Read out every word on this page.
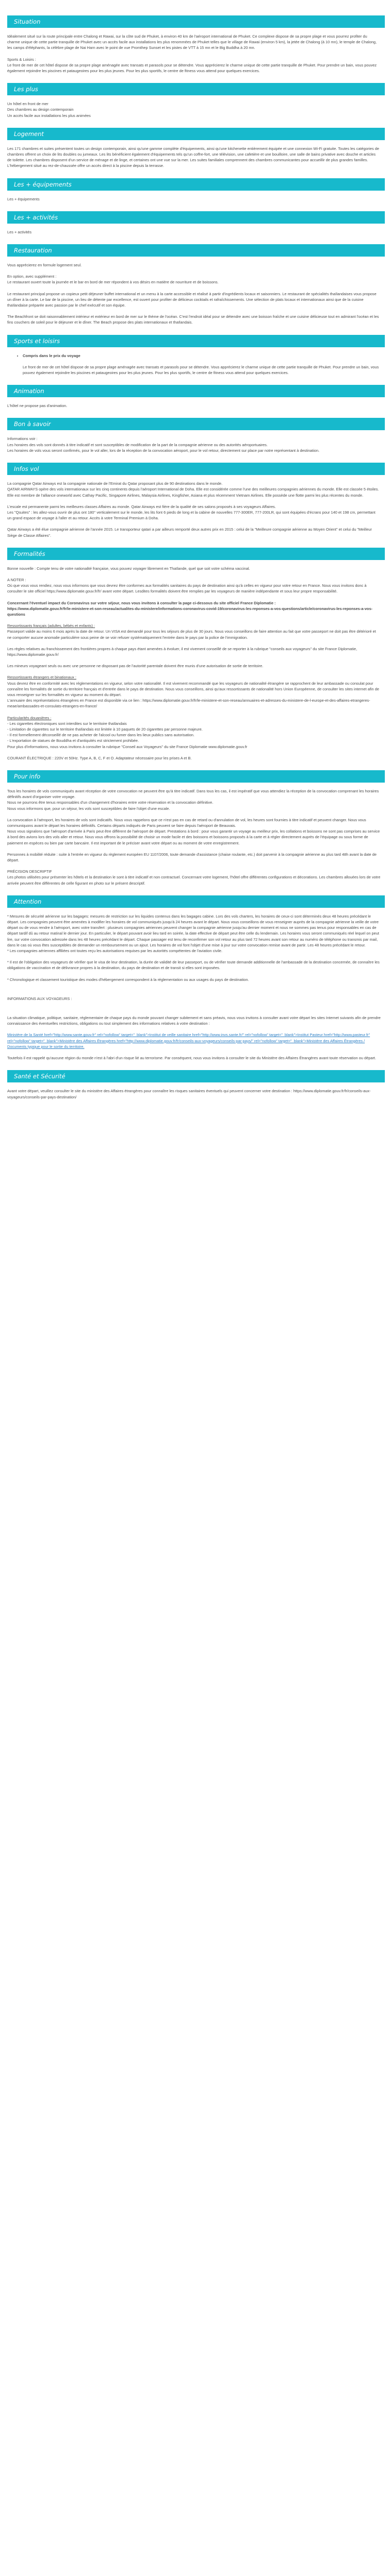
Situation

Idéalement situé sur la route principale entre Chalong et Rawai, sur la côte sud de Phuket, à environ 40 km de l'aéroport international de Phuket. Ce complexe dispose de sa propre plage et vous pourrez profiter du charme unique de cette partie tranquille de Phuket avec un accès facile aux installations les plus renommées de Phuket telles que le village de Rawai (environ 5 km), la jetée de Chalong (à 10 mn), le temple de Chalong, les camps d'éléphants, la célèbre plage de Nai Harn avec le point de vue Promthep Sunset et les pistes de VTT à 15 mn et le Big Buddha à 20 mn.

Sports & Loisirs :

Le front de mer de cet hôtel dispose de sa propre plage aménagée avec transats et parasols pour se détendre. Vous apprécierez le charme unique de cette partie tranquille de Phuket. Pour prendre un bain, vous pouvez également rejoindre les piscines et pataugeoires pour les plus jeunes. Pour les plus sportifs, le centre de fitness vous attend pour quelques exercices.

Les plus

Un hôtel en front de mer

Des chambres au design contemporain

Un accès facile aux installations les plus animées

Logement

Les 171 chambres et suites présentent toutes un design contemporain, ainsi qu'une gamme complète d'équipements, ainsi qu'une kitchenette entièrement équipée et une connexion Wi-Fi gratuite. Toutes les catégories de chambres offrent un choix de lits doubles ou jumeaux. Les lits bénéficient également d'équipements tels qu'un coffre-fort, une télévision, une cafetière et une bouilloire, une salle de bains privative avec douche et articles de toilette. Les chambres disposent d'un service de ménage et de linge, et certaines ont une vue sur la mer. Les suites familiales comprennent des chambres communicantes pour accueillir de plus grandes familles. L'hébergement situé au rez-de-chaussée offre un accès direct à la piscine depuis la terrasse.

Les + équipements

Les + équipements

Les + activités

Les + activités

Restauration

Vous apprécierez en formule logement seul.

En option, avec supplément :

Le restaurant ouvert toute la journée et le bar en bord de mer répondent à vos désirs en matière de nourriture et de boissons.

Le restaurant principal propose un copieux petit déjeuner buffet international et un menu à la carte accessible et réalisé à partir d'ingrédients locaux et saisonniers. Le restaurant de spécialités thaïlandaises vous propose un dîner à la carte. Le bar de la piscine, un lieu de détente par excellence, est ouvert pour profiter de délicieux cocktails et rafraîchissements. Une sélection de plats locaux et internationaux ainsi que de la cuisine thaïlandaise préparée avec passion par le chef exécutif et son équipe.

The Beachfront se doit raisonnablement intérieur et extérieur en bord de mer sur le thème de l'océan. C'est l'endroit idéal pour se détendre avec une boisson fraîche et une cuisine délicieuse tout en admirant l'océan et les fins couchers de soleil pour le déjeuner et le dîner. The Beach propose des plats internationaux et thaïlandais.

Sports et loisirs
• Compris dans le prix du voyage

Le front de mer de cet hôtel dispose de sa propre plage aménagée avec transats et parasols pour se détendre. Vous apprécierez le charme unique de cette partie tranquille de Phuket. Pour prendre un bain, vous pouvez également rejoindre les piscines et pataugeoires pour les plus jeunes. Pour les plus sportifs, le centre de fitness vous attend pour quelques exercices.

Animation

L'hôtel ne propose pas d'animation.

Bon à savoir

Informations voir :

Les horaires des vols sont donnés à titre indicatif et sont susceptibles de modification de la part de la compagnie aérienne ou des autorités aéroportuaires.

Les horaires de vols vous seront confirmés, pour le vol aller, lors de la réception de la convocation aéroport, pour le vol retour, directement sur place par notre représentant à destination.

Infos vol

La compagnie Qatar Airways est la compagnie nationale de l'Emirat du Qatar proposant plus de 90 destinations dans le monde.

QATAR AIRWAYS opère des vols internationaux sur les cinq continents depuis l'aéroport International de Doha. Elle est considérée comme l'une des meilleures compagnies aériennes du monde. Elle est classée 5 étoiles. Elle est membre de l'alliance oneworld avec Cathay Pacific, Singapore Airlines, Malaysia Airlines, Kingfisher, Asiana et plus récemment Vietnam Airlines. Elle possède une flotte parmi les plus récentes du monde.

L'escale est permanente parmi les meilleures classes Affaires au monde. Qatar Airways est fière de la qualité de ses salons proposés à ses voyageurs Affaires.

Les "Qsuites" : les allez-vous ouvrir de plus ont 180° verticalement sur le monde, les lits font 6 pieds de long et la cabine de nouvelles 777-300ER, 777-200LR, qui sont équipées d'écrans pour 140 et 198 cm, permettant un grand espace de voyage à l'aller et au retour. Accès à votre Terminal Premium à Doha.

Qatar Airways a été élue compagnie aérienne de l'année 2015. Le transporteur qatari a par ailleurs remporté deux autres prix en 2015 : celui de la "Meilleure compagnie aérienne au Moyen Orient" et celui du "Meilleur Siège de Classe Affaires".

Formalités

Bonne nouvelle : Compte tenu de votre nationalité française, vous pouvez voyager librement en Thaïlande, quel que soit votre schéma vaccinal.

A NOTER :

Où que vous vous rendiez, nous vous informons que vous devrez être conformes aux formalités sanitaires du pays de destination ainsi qu'à celles en vigueur pour votre retour en France. Nous vous invitons donc à consulter le site officiel https://www.diplomatie.gouv.fr/fr/ avant votre départ. Lesdites formalités doivent être remplies par les voyageurs de manière indépendante et sous leur propre responsabilité.

Concernant l'éventuel impact du Coronavirus sur votre séjour, nous vous invitons à consulter la page ci-dessous du site officiel France Diplomatie :

https://www.diplomatie.gouv.fr/fr/le-ministere-et-son-reseau/actualites-du-ministere/informations-coronavirus-covid-19/coronavirus-les-reponses-a-vos-questions/article/coronavirus-les-reponses-a-vos-questions

Ressortissants français (adultes, bébés et enfants) :

Passeport valide au moins 6 mois après la date de retour. Un VISA est demandé pour tous les séjours de plus de 30 jours. Nous vous conseillons de faire attention au fait que votre passeport ne doit pas être détérioré et ne comporter aucune anomalie particulière sous peine de se voir refuser systématiquement l'entrée dans le pays par la police de l'immigration.

Les règles relatives au franchissement des frontières propres à chaque pays étant amenées à évoluer, il est vivement conseillé de se reporter à la rubrique "conseils aux voyageurs" du site France Diplomatie, https://www.diplomatie.gouv.fr/

Les mineurs voyageant seuls ou avec une personne ne disposant pas de l'autorité parentale doivent être munis d'une autorisation de sortie de territoire.

Ressortissants étrangers et binationaux :

Vous devrez être en conformité avec les réglementations en vigueur, selon votre nationalité. Il est vivement recommandé que les voyageurs de nationalité étrangère se rapprochent de leur ambassade ou consulat pour connaître les formalités de sortie du territoire français et d'entrée dans le pays de destination. Nous vous conseillons, ainsi qu'aux ressortissants de nationalité hors Union Européenne, de consulter les sites internet afin de vous renseigner sur les formalités en vigueur au moment du départ.

L'annuaire des représentations étrangères en France est disponible via ce lien : https://www.diplomatie.gouv.fr/fr/le-ministere-et-son-reseau/annuaires-et-adresses-du-ministere-de-l-europe-et-des-affaires-etrangeres-meae/ambassades-et-consulats-etrangers-en-france/

Particularités douanières :

- Les cigarettes électroniques sont interdites sur le territoire thaïlandais
- Limitation de cigarettes sur le territoire thaïlandais est limitée à 10 paquets de 20 cigarettes par personne majeure.
- Il est formellement déconseillé de ne pas acheter de l'alcool ou fumer dans les lieux publics sans autorisation.
- L'exportation de statues de Bouddha et d'antiquités est strictement prohibée.
Pour plus d'informations, nous vous invitons à consulter la rubrique "Conseil aux Voyageurs" du site France Diplomatie www.diplomatie.gouv.fr

COURANT ÉLECTRIQUE : 220V et 50Hz. Type A, B, C, F et O. Adaptateur nécessaire pour les prises A et B.

Pour info

Tous les horaires de vols communiqués avant réception de votre convocation ne peuvent être qu'à titre indicatif. Dans tous les cas, il est impératif que vous attendiez la réception de la convocation comprenant les horaires définitifs avant d'organiser votre voyage.

Nous ne pourrons être tenus responsables d'un changement d'horaires entre votre réservation et la convocation définitive.

Nous vous informons que, pour un séjour, les vols sont susceptibles de faire l'objet d'une escale.

La convocation à l'aéroport, les horaires de vols sont indicatifs. Nous vous rappelons que ce n'est pas en cas de retard ou d'annulation de vol, les heures sont fournies à titre indicatif et peuvent changer. Nous vous communiquons avant le départ les horaires définitifs. Certains départs indiqués de Paris peuvent se faire depuis l'aéroport de Beauvais.

Nous vous signalons que l'aéroport d'arrivée à Paris peut être différent de l'aéroport de départ. Prestations à bord : pour vous garantir un voyage au meilleur prix, les collations et boissons ne sont pas comprises au service à bord des avions lors des vols aller et retour. Nous vous offrons la possibilité de choisir un mode facile et des boissons et boissons proposés à la carte et à régler directement auprès de l'équipage ou sous forme de paiement en espèces ou bien par carte bancaire. Il est important de le préciser avant votre départ ou au moment de votre enregistrement.

Personnes à mobilité réduite : suite à l'entrée en vigueur du règlement européen EU 1107/2006, toute demande d'assistance (chaise roulante, etc.) doit parvenir à la compagnie aérienne au plus tard 48h avant la date de départ.

PRÉCISION DESCRIPTIF

Les photos utilisées pour présenter les hôtels et la destination le sont à titre indicatif et non contractuel. Concernant votre logement, l'hôtel offre différentes configurations et décorations. Les chambres allouées lors de votre arrivée peuvent être différentes de celle figurant en photo sur le présent descriptif.

Attention

* Mesures de sécurité aérienne sur les bagages: mesures de restriction sur les liquides contenus dans les bagages cabine. Lors des vols charters, les horaires de ceux-ci sont déterminés deux 48 heures précédant le départ. Les compagnies peuvent être amenées à modifier les horaires de vol communiqués jusqu'à 24 heures avant le départ. Nous vous conseillons de vous renseigner auprès de la compagnie aérienne la veille de votre départ ou de vous rendre à l'aéroport, avec votre transfert : plusieurs compagnies aériennes peuvent changer la compagnie aérienne jusqu'au dernier moment et nous ne sommes pas tenus pour responsables en cas de départ tardif dû au retour matinal le dernier jour. En particulier, le départ pouvant avoir lieu tard en soirée, la date effective de départ peut être celle du lendemain. Les horaires vous seront communiqués réel lequel on peut lire, sur votre convocation adressée dans les 48 heures précédant le départ. Chaque passager est tenu de reconfirmer son vol retour au plus tard 72 heures avant son retour au numéro de téléphone ou transmis par mail, dans le cas où vous êtes susceptibles de demander un remboursement ou un ajout. Les horaires de vol font l'objet d'une mise à jour sur votre convocation remise avant de partir. Les 48 heures précédant le retour.

* Les compagnies aériennes affiliées ont toutes reçu les autorisations requises par les autorités compétentes de l'aviation civile.

* Il est de l'obligation des voyageurs de vérifier que le visa de leur destination, la durée de validité de leur passeport, ou de vérifier toute demande additionnelle de l'ambassade de la destination concernée, de connaître les obligations de vaccination et de délivrance propres à la destination, du pays de destination et de transit si elles sont imposées.

* Chronologique et classement touristique des modes d'hébergement correspondent à la réglementation ou aux usages du pays de destination.

INFORMATIONS AUX VOYAGEURS :

La situation climatique, politique, sanitaire, réglementaire de chaque pays du monde pouvant changer subitement et sans préavis, nous vous invitons à consulter avant votre départ les sites Internet suivants afin de prendre connaissance des éventuelles restrictions, obligations ou tout simplement des informations relatives à votre destination :

Ministère de la Santé href="http://www.sante.gouv.fr" rel="nofollow" target="_blank">Institut de veille sanitaire href="http://www.invs.sante.fr/" rel="nofollow" target="_blank">Institut Pasteur href="http://www.pasteur.fr" rel="nofollow" target="_blank">Ministère des Affaires Étrangères href="http://www.diplomatie.gouv.fr/fr/conseils-aux-voyageurs/conseils-par-pays/" rel="nofollow" target="_blank">Ministère des Affaires Étrangères / Documents typique pour le sortie du territoire.

Toutefois il est rappelé qu'aucune région du monde n'est à l'abri d'un risque lié au terrorisme. Par conséquent, nous vous invitons à consulter le site du Ministère des Affaires Étrangères avant toute réservation ou départ.

Santé et Sécurité

Avant votre départ, veuillez consulter le site du ministère des Affaires étrangères pour connaître les risques sanitaires éventuels qui peuvent concerner votre destination : https://www.diplomatie.gouv.fr/fr/conseils-aux-voyageurs/conseils-par-pays-destination/
